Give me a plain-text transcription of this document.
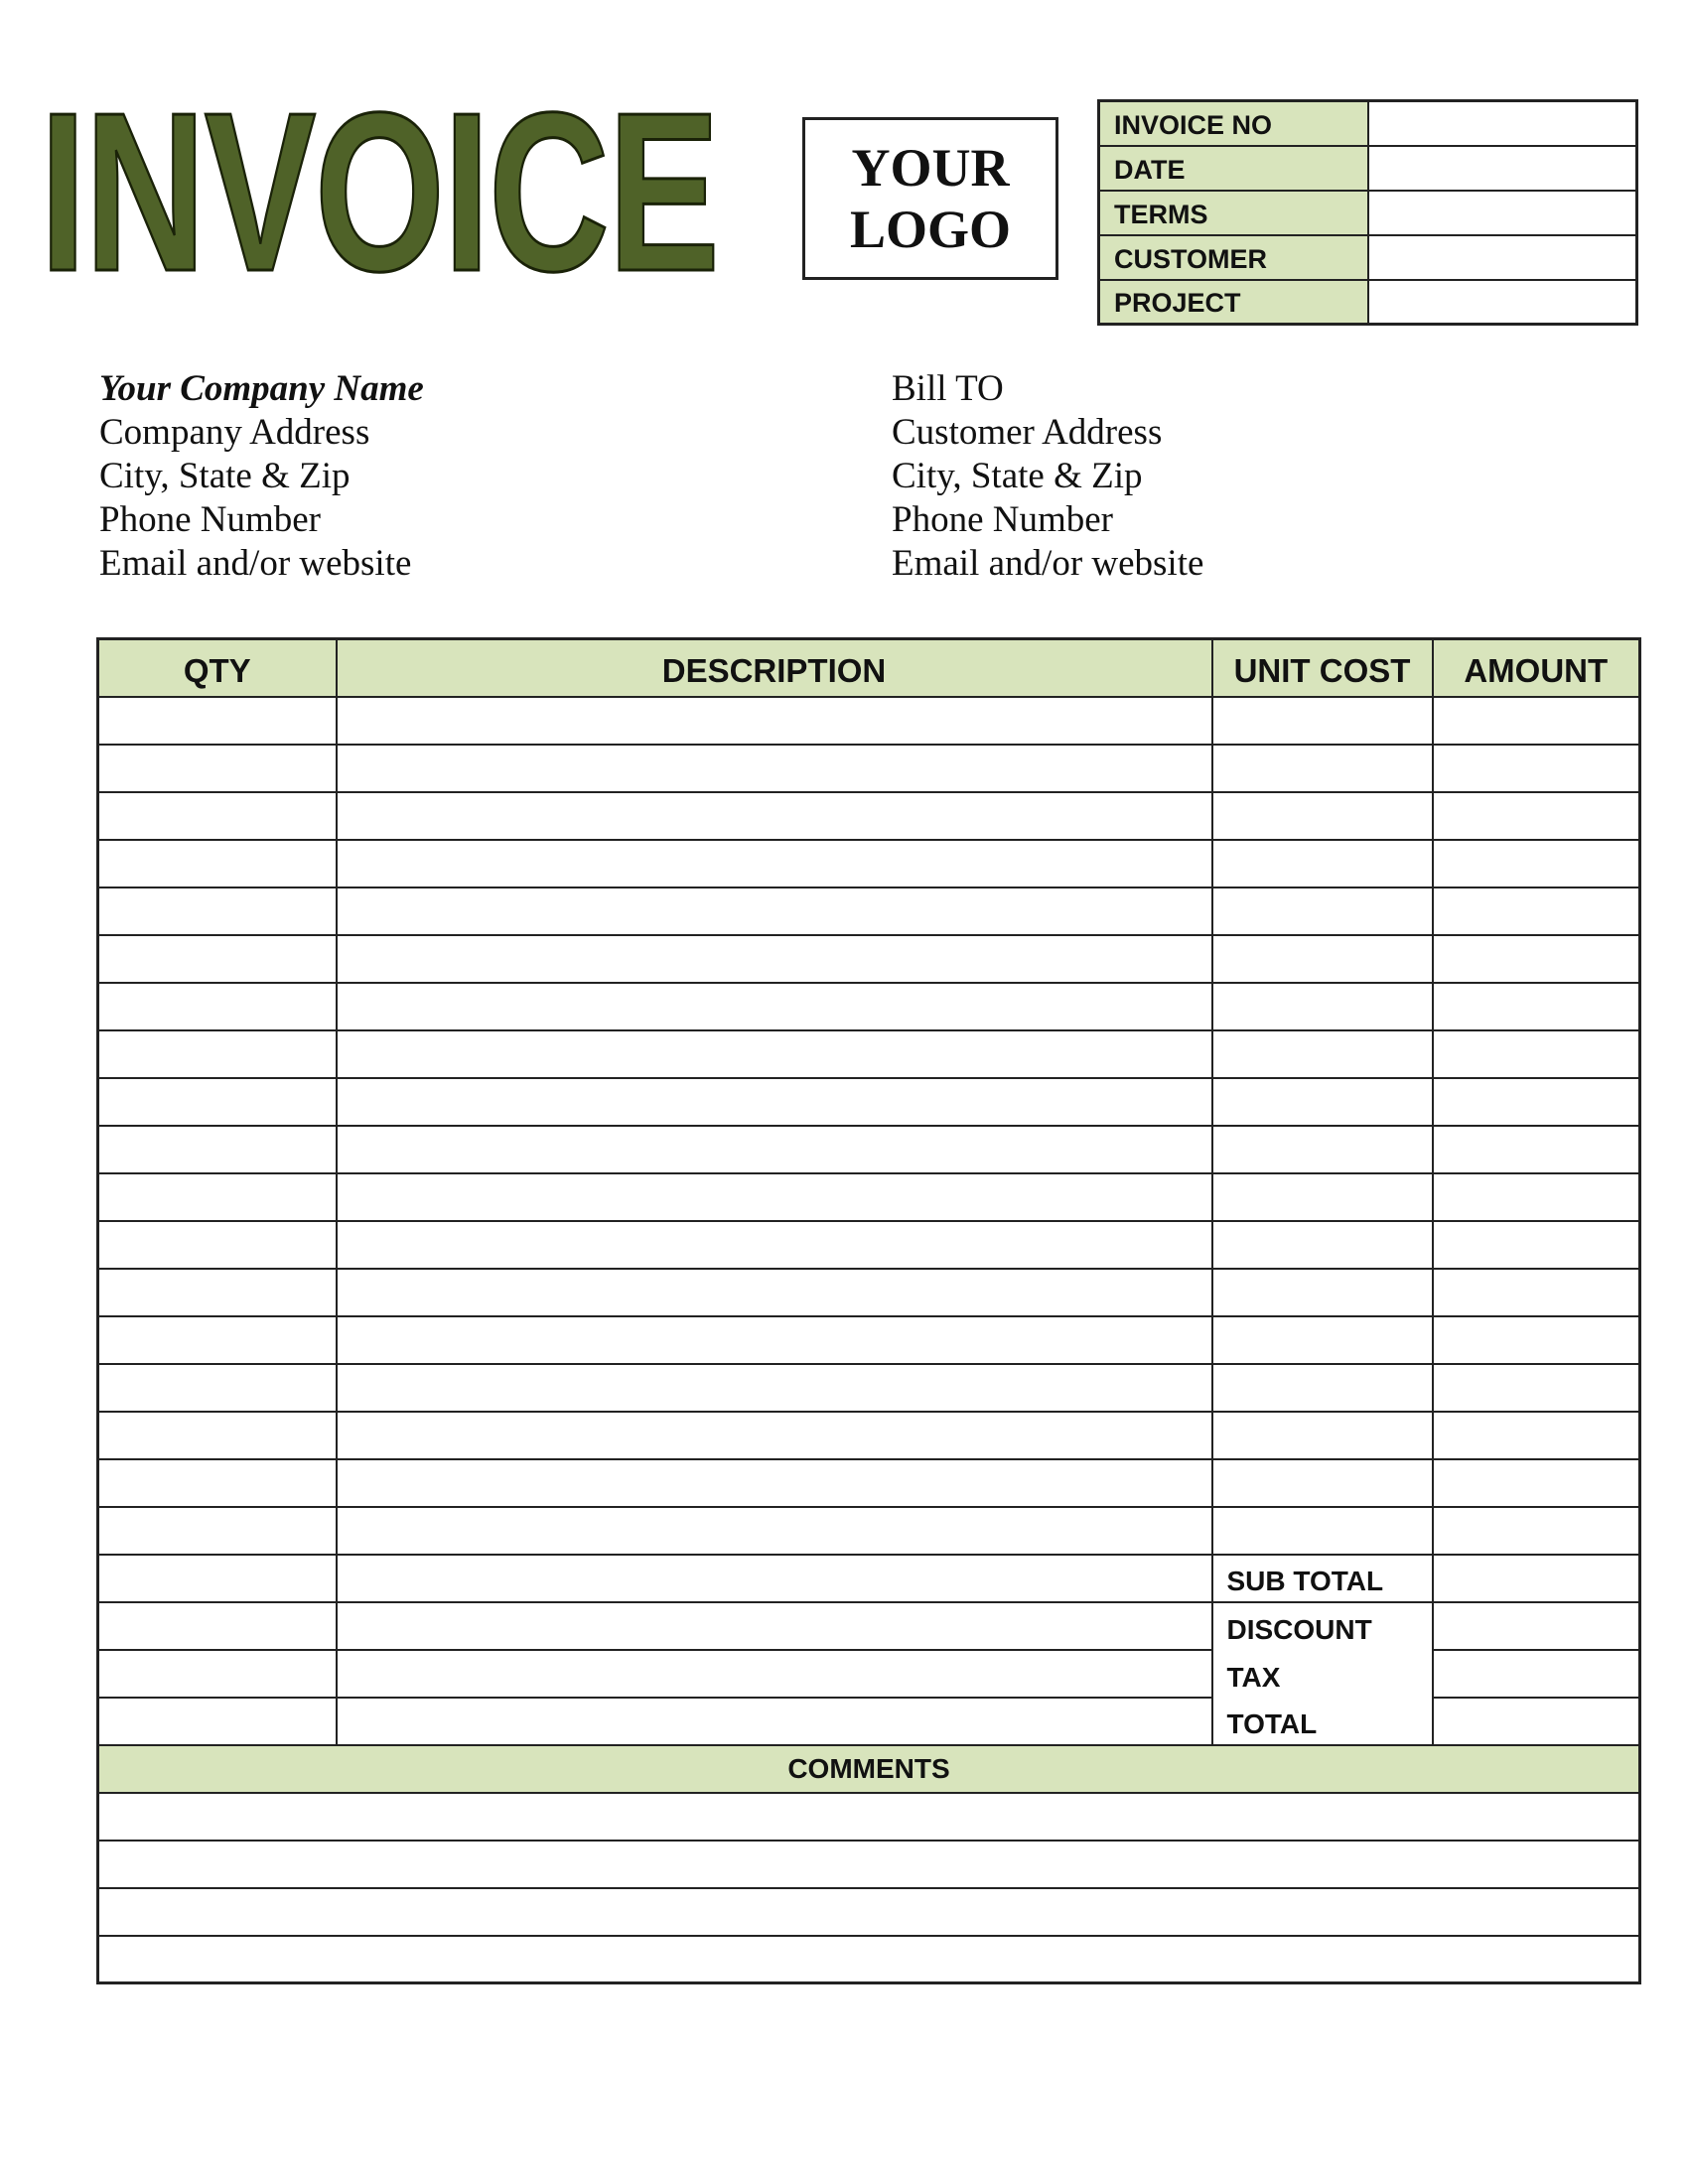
INVOICE	YOUR
LOGO
INVOICE NO	
DATE	
TERMS	
CUSTOMER	
PROJECT	
Your Company Name
Company Address
City, State & Zip
Phone Number
Email and/or website
Bill TO
Customer Address
City, State & Zip
Phone Number
Email and/or website
QTY	DESCRIPTION	UNIT COST	AMOUNT

		SUB TOTAL	
		DISCOUNT	
		TAX	
		TOTAL	
COMMENTS			
